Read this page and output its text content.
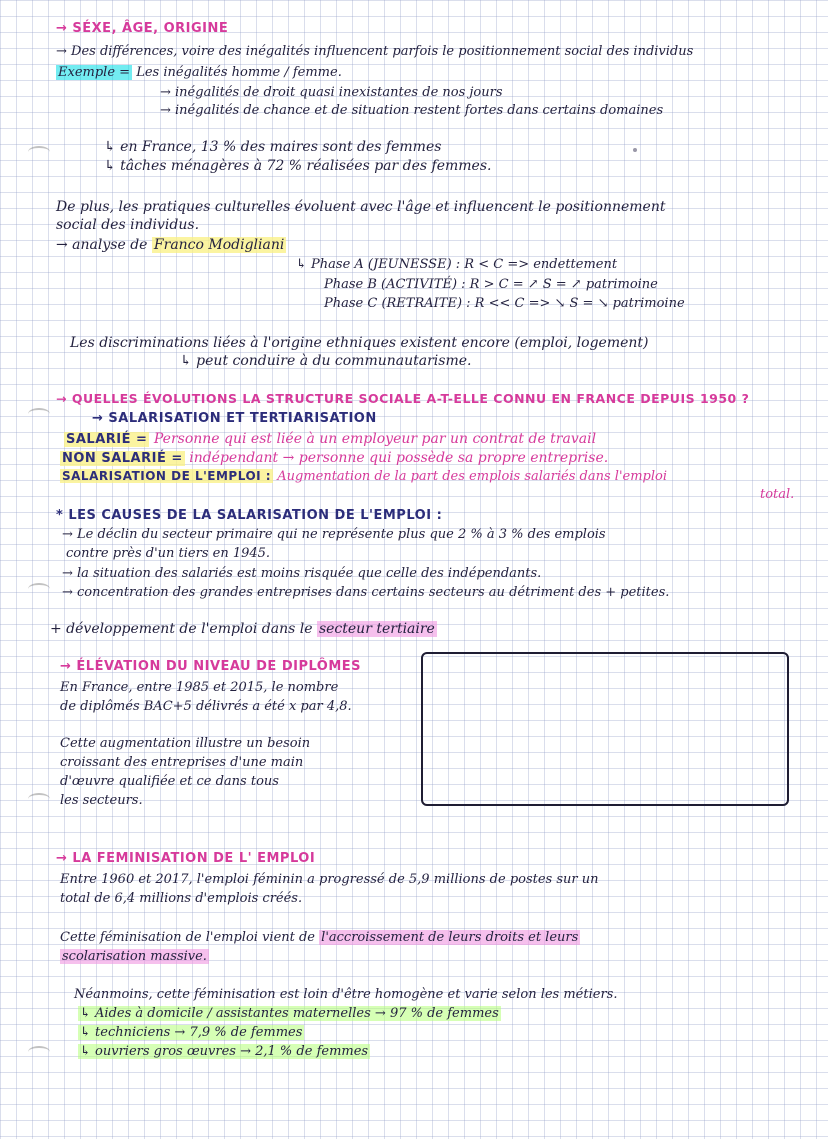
→ SÉXE, ÂGE, ORIGINE
→ Des différences, voire des inégalités influencent parfois le positionnement social des individus
Exemple = Les inégalités homme / femme.
→ inégalités de droit quasi inexistantes de nos jours
→ inégalités de chance et de situation restent fortes dans certains domaines
↳ en France, 13 % des maires sont des femmes
↳ tâches ménagères à 72 % réalisées par des femmes.
De plus, les pratiques culturelles évoluent avec l'âge et influencent le positionnement
social des individus.
→ analyse de Franco Modigliani
↳ Phase A (JEUNESSE) : R < C => endettement
Phase B (ACTIVITÉ) : R > C = ↗ S = ↗ patrimoine
Phase C (RETRAITE) : R << C => ↘ S = ↘ patrimoine
Les discriminations liées à l'origine ethniques existent encore (emploi, logement)
↳ peut conduire à du communautarisme.
→ QUELLES ÉVOLUTIONS LA STRUCTURE SOCIALE A-T-ELLE CONNU EN FRANCE DEPUIS 1950 ?
→ SALARISATION ET TERTIARISATION
SALARIÉ = Personne qui est liée à un employeur par un contrat de travail
NON SALARIÉ = indépendant → personne qui possède sa propre entreprise.
SALARISATION DE L'EMPLOI : Augmentation de la part des emplois salariés dans l'emploi
total.
* LES CAUSES DE LA SALARISATION DE L'EMPLOI :
→ Le déclin du secteur primaire qui ne représente plus que 2 % à 3 % des emplois
contre près d'un tiers en 1945.
→ la situation des salariés est moins risquée que celle des indépendants.
→ concentration des grandes entreprises dans certains secteurs au détriment des + petites.
+ développement de l'emploi dans le secteur tertiaire
→ ÉLÉVATION DU NIVEAU DE DIPLÔMES
En France, entre 1985 et 2015, le nombre
de diplômés BAC+5 délivrés a été x par 4,8.
Cette augmentation illustre un besoin
croissant des entreprises d'une main
d'œuvre qualifiée et ce dans tous
les secteurs.
→ LA FEMINISATION DE L' EMPLOI
Entre 1960 et 2017, l'emploi féminin a progressé de 5,9 millions de postes sur un
total de 6,4 millions d'emplois créés.
Cette féminisation de l'emploi vient de l'accroissement de leurs droits et leurs
scolarisation massive.
Néanmoins, cette féminisation est loin d'être homogène et varie selon les métiers.
↳ Aides à domicile / assistantes maternelles → 97 % de femmes
↳ techniciens → 7,9 % de femmes
↳ ouvriers gros œuvres → 2,1 % de femmes
